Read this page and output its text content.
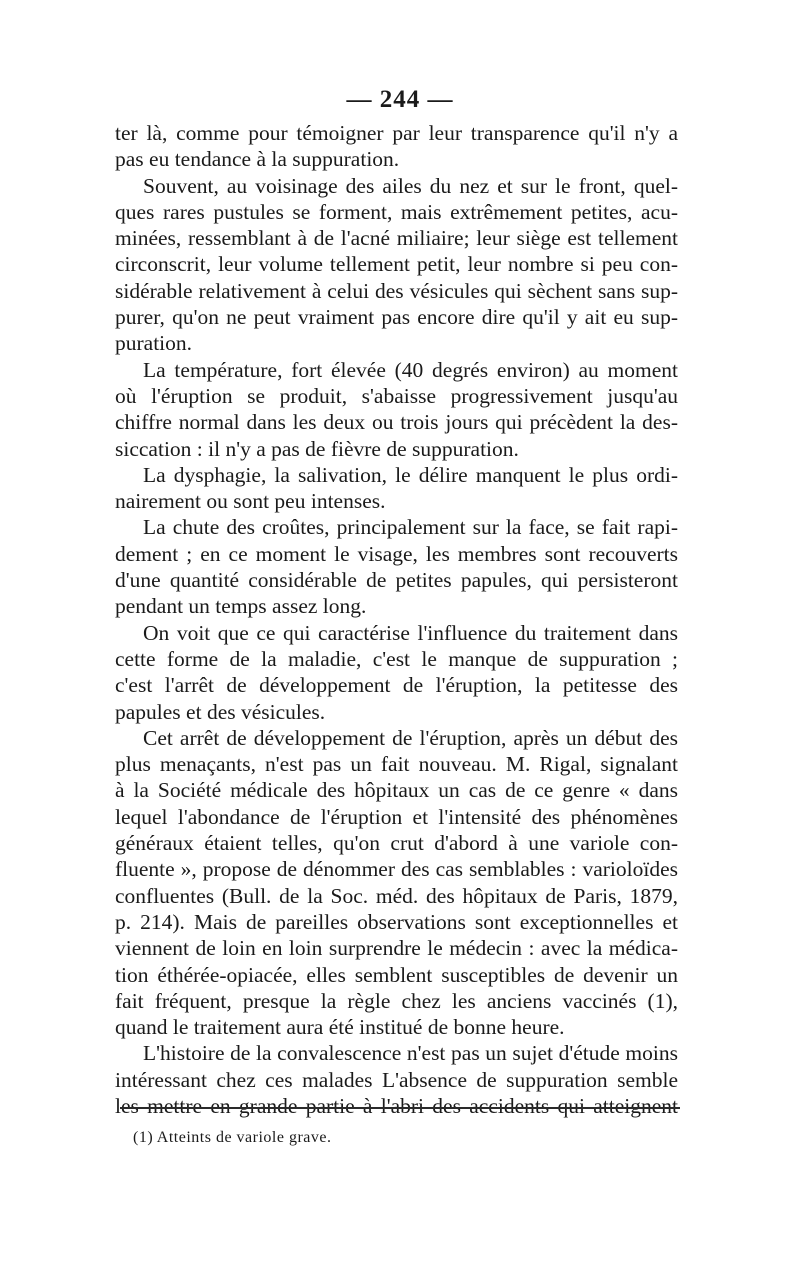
— 244 —
ter là, comme pour témoigner par leur transparence qu'il n'y a
pas eu tendance à la suppuration.
Souvent, au voisinage des ailes du nez et sur le front, quel-
ques rares pustules se forment, mais extrêmement petites, acu-
minées, ressemblant à de l'acné miliaire; leur siège est tellement
circonscrit, leur volume tellement petit, leur nombre si peu con-
sidérable relativement à celui des vésicules qui sèchent sans sup-
purer, qu'on ne peut vraiment pas encore dire qu'il y ait eu sup-
puration.
La température, fort élevée (40 degrés environ) au moment
où l'éruption se produit, s'abaisse progressivement jusqu'au
chiffre normal dans les deux ou trois jours qui précèdent la des-
siccation : il n'y a pas de fièvre de suppuration.
La dysphagie, la salivation, le délire manquent le plus ordi-
nairement ou sont peu intenses.
La chute des croûtes, principalement sur la face, se fait rapi-
dement ; en ce moment le visage, les membres sont recouverts
d'une quantité considérable de petites papules, qui persisteront
pendant un temps assez long.
On voit que ce qui caractérise l'influence du traitement dans
cette forme de la maladie, c'est le manque de suppuration ;
c'est l'arrêt de développement de l'éruption, la petitesse des
papules et des vésicules.
Cet arrêt de développement de l'éruption, après un début des
plus menaçants, n'est pas un fait nouveau. M. Rigal, signalant
à la Société médicale des hôpitaux un cas de ce genre « dans
lequel l'abondance de l'éruption et l'intensité des phénomènes
généraux étaient telles, qu'on crut d'abord à une variole con-
fluente », propose de dénommer des cas semblables : varioloïdes
confluentes (Bull. de la Soc. méd. des hôpitaux de Paris, 1879,
p. 214). Mais de pareilles observations sont exceptionnelles et
viennent de loin en loin surprendre le médecin : avec la médica-
tion éthérée-opiacée, elles semblent susceptibles de devenir un
fait fréquent, presque la règle chez les anciens vaccinés (1),
quand le traitement aura été institué de bonne heure.
L'histoire de la convalescence n'est pas un sujet d'étude moins
intéressant chez ces malades L'absence de suppuration semble
les mettre en grande partie à l'abri des accidents qui atteignent
(1) Atteints de variole grave.
